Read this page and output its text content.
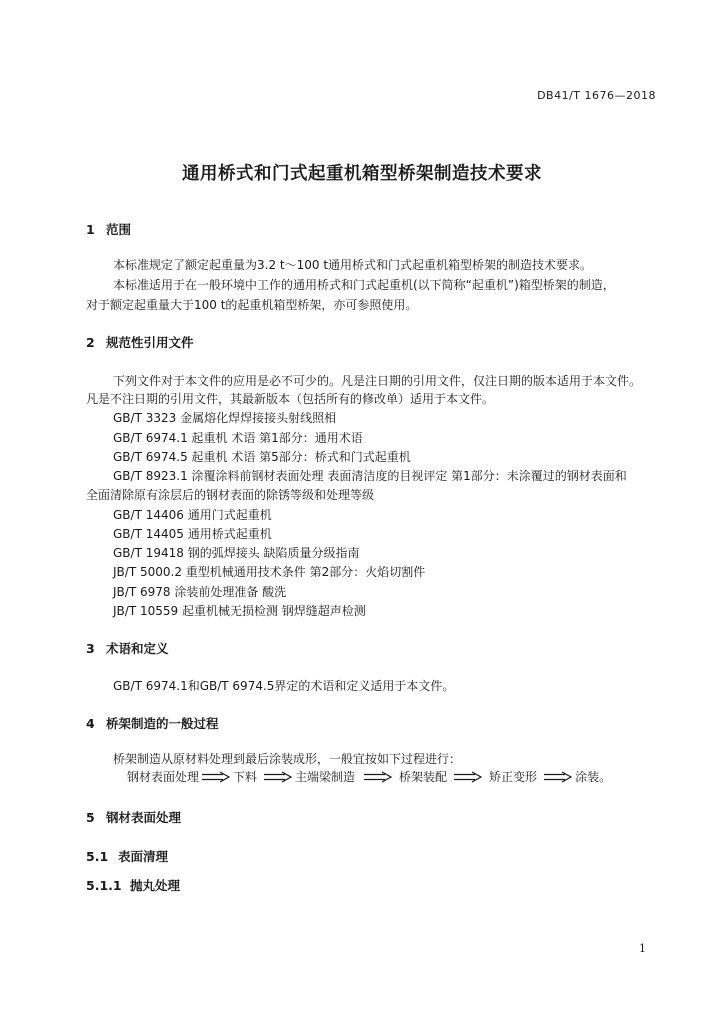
DB41/T 1676—2018
通用桥式和门式起重机箱型桥架制造技术要求
1 范围
本标准规定了额定起重量为3.2 t～100 t通用桥式和门式起重机箱型桥架的制造技术要求。
本标准适用于在一般环境中工作的通用桥式和门式起重机(以下简称“起重机”)箱型桥架的制造，
对于额定起重量大于100 t的起重机箱型桥架，亦可参照使用。
2 规范性引用文件
下列文件对于本文件的应用是必不可少的。凡是注日期的引用文件，仅注日期的版本适用于本文件。
凡是不注日期的引用文件，其最新版本（包括所有的修改单）适用于本文件。
GB/T 3323 金属熔化焊焊接接头射线照相
GB/T 6974.1 起重机 术语 第1部分：通用术语
GB/T 6974.5 起重机 术语 第5部分：桥式和门式起重机
GB/T 8923.1 涂覆涂料前钢材表面处理 表面清洁度的目视评定 第1部分：未涂覆过的钢材表面和
全面清除原有涂层后的钢材表面的除锈等级和处理等级
GB/T 14406 通用门式起重机
GB/T 14405 通用桥式起重机
GB/T 19418 钢的弧焊接头 缺陷质量分级指南
JB/T 5000.2 重型机械通用技术条件 第2部分：火焰切割件
JB/T 6978 涂装前处理准备 酸洗
JB/T 10559 起重机械无损检测 钢焊缝超声检测
3 术语和定义
GB/T 6974.1和GB/T 6974.5界定的术语和定义适用于本文件。
4 桥架制造的一般过程
桥架制造从原材料处理到最后涂装成形，一般宜按如下过程进行：
钢材表面处理	下料	主端梁制造	桥架装配	矫正变形	涂装。
5 钢材表面处理
5.1 表面清理
5.1.1 抛丸处理
1
